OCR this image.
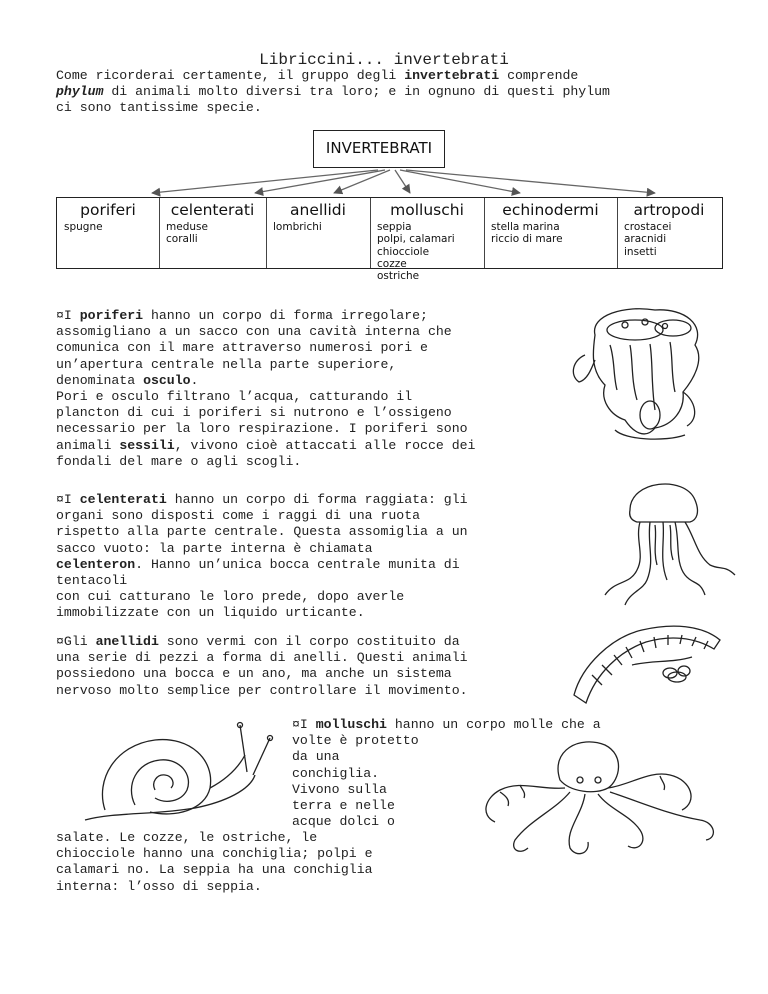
Libriccini... invertebrati
Come ricorderai certamente, il gruppo degli invertebrati comprende
phylum di animali molto diversi tra loro; e in ognuno di questi phylum
ci sono tantissime specie.
INVERTEBRATI
poriferi
spugne
celenterati
meduse
coralli
anellidi
lombrichi
molluschi
seppia
polpi, calamari
chiocciole
cozze
ostriche
echinodermi
stella marina
riccio di mare
artropodi
crostacei
aracnidi
insetti
¤I poriferi hanno un corpo di forma irregolare;
assomigliano a un sacco con una cavità interna che
comunica con il mare attraverso numerosi pori e
un’apertura centrale nella parte superiore,
denominata osculo.
Pori e osculo filtrano l’acqua, catturando il
plancton di cui i poriferi si nutrono e l’ossigeno
necessario per la loro respirazione. I poriferi sono
animali sessili, vivono cioè attaccati alle rocce dei
fondali del mare o agli scogli.
¤I celenterati hanno un corpo di forma raggiata: gli
organi sono disposti come i raggi di una ruota
rispetto alla parte centrale. Questa assomiglia a un
sacco vuoto: la parte interna è chiamata
celenteron. Hanno un’unica bocca centrale munita di
tentacoli
con cui catturano le loro prede, dopo averle
immobilizzate con un liquido urticante.
¤Gli anellidi sono vermi con il corpo costituito da
una serie di pezzi a forma di anelli. Questi animali
possiedono una bocca e un ano, ma anche un sistema
nervoso molto semplice per controllare il movimento.
¤I molluschi hanno un corpo molle che a
volte è protetto
da una
conchiglia.
Vivono sulla
terra e nelle
acque dolci o
salate. Le cozze, le ostriche, le
chiocciole hanno una conchiglia; polpi e
calamari no. La seppia ha una conchiglia
interna: l’osso di seppia.
